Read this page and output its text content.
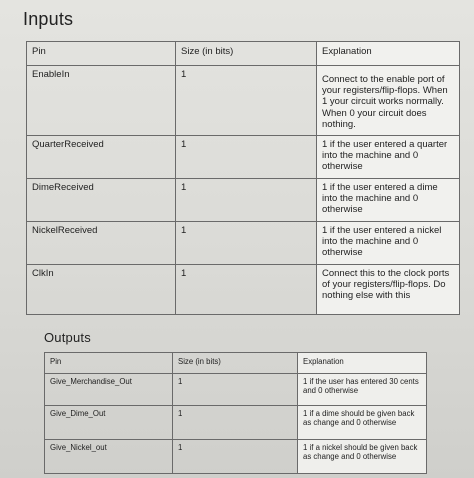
Inputs
Pin	Size (in bits)	Explanation
EnableIn	1	Connect to the enable port of your registers/flip-flops. When 1 your circuit works normally. When 0 your circuit does nothing.
QuarterReceived	1	1 if the user entered a quarter into the machine and 0 otherwise
DimeReceived	1	1 if the user entered a dime into the machine and 0 otherwise
NickelReceived	1	1 if the user entered a nickel into the machine and 0 otherwise
ClkIn	1	Connect this to the clock ports of your registers/flip-flops. Do nothing else with this
Outputs
Pin	Size (in bits)	Explanation
Give_Merchandise_Out	1	1 if the user has entered 30 cents and 0 otherwise
Give_Dime_Out	1	1 if a dime should be given back as change and 0 otherwise
Give_Nickel_out	1	1 if a nickel should be given back as change and 0 otherwise
